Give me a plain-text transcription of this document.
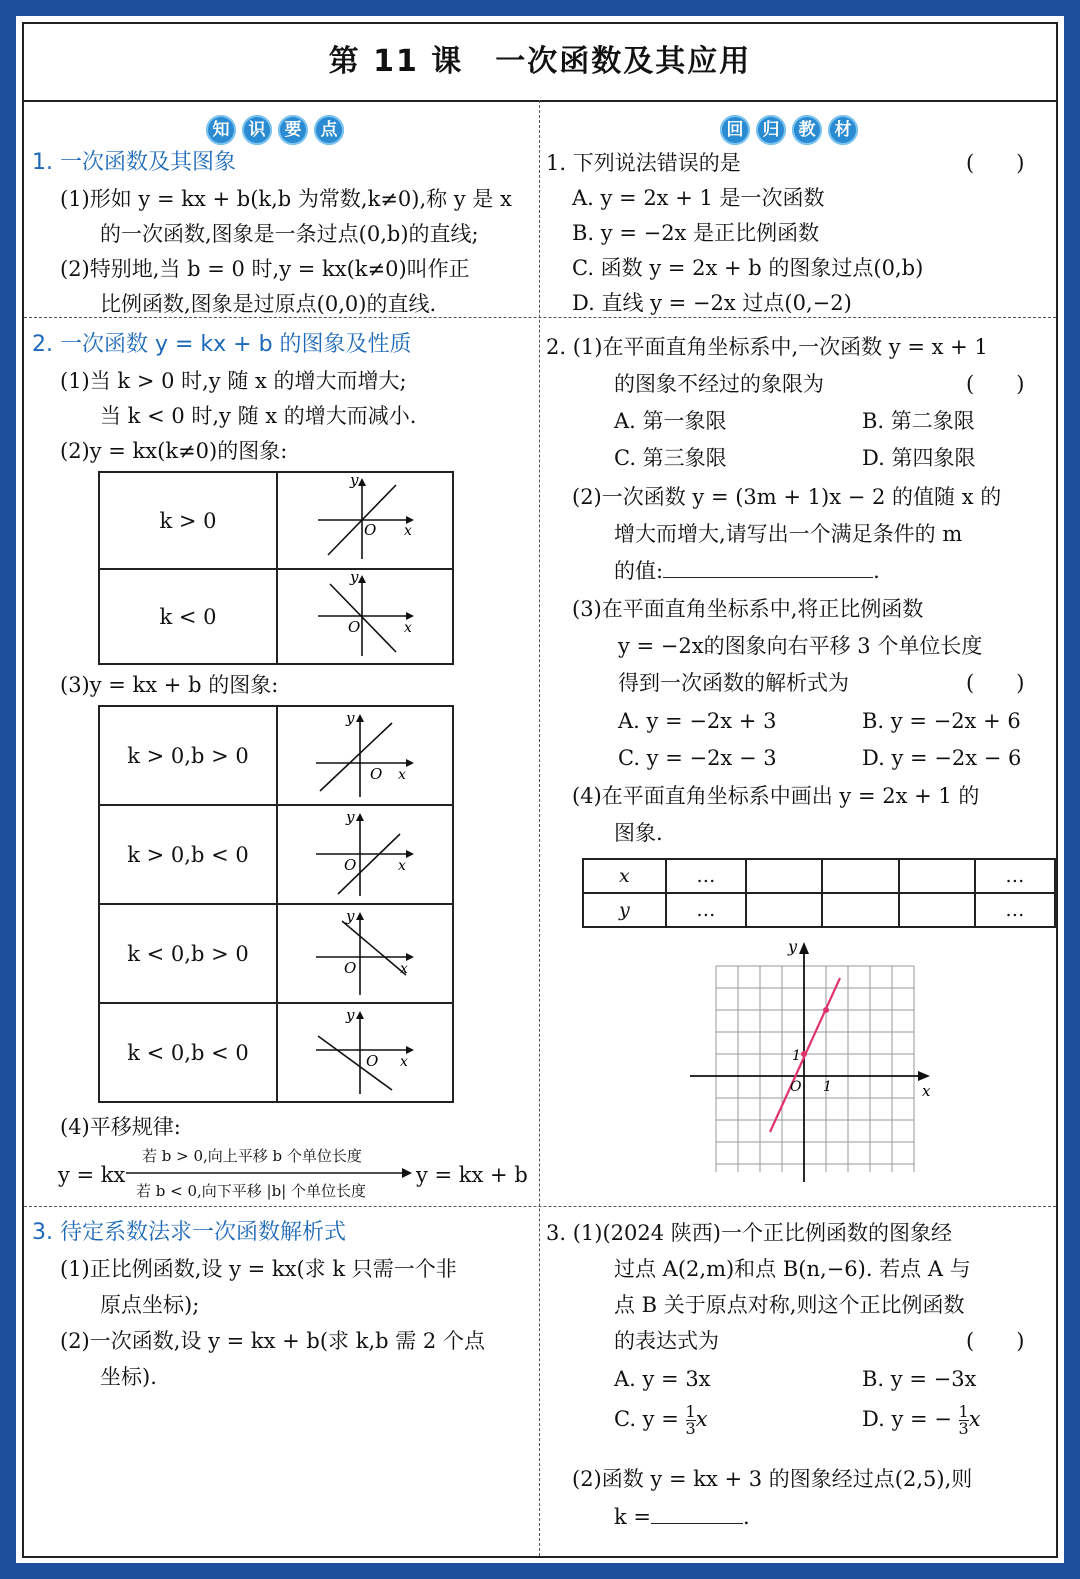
第 11 课　一次函数及其应用
知	识	要	点	回	归	教	材
1. 一次函数及其图象
(1)形如 y = kx + b(k,b 为常数,k≠0),称 y 是 x
的一次函数,图象是一条过点(0,b)的直线;
(2)特别地,当 b = 0 时,y = kx(k≠0)叫作正
比例函数,图象是过原点(0,0)的直线.
2. 一次函数 y = kx + b 的图象及性质
(1)当 k > 0 时,y 随 x 的增大而增大;
当 k < 0 时,y 随 x 的增大而减小.
(2)y = kx(k≠0)的图象:
k > 0	y
O x

k < 0	y
O x
(3)y = kx + b 的图象:
k > 0,b > 0	y
O x

k > 0,b < 0	y
O x

k < 0,b > 0	y
O x

k < 0,b < 0	y
O x
(4)平移规律:
y = kx
若 b > 0,向上平移 b 个单位长度
若 b < 0,向下平移 |b| 个单位长度
y = kx + b
3. 待定系数法求一次函数解析式
(1)正比例函数,设 y = kx(求 k 只需一个非
原点坐标);
(2)一次函数,设 y = kx + b(求 k,b 需 2 个点
坐标).
1. 下列说法错误的是	(　　)
A. y = 2x + 1 是一次函数
B. y = −2x 是正比例函数
C. 函数 y = 2x + b 的图象过点(0,b)
D. 直线 y = −2x 过点(0,−2)
2. (1)在平面直角坐标系中,一次函数 y = x + 1
的图象不经过的象限为	(　　)
A. 第一象限	B. 第二象限
C. 第三象限	D. 第四象限
(2)一次函数 y = (3m + 1)x − 2 的值随 x 的
增大而增大,请写出一个满足条件的 m
的值:	.
(3)在平面直角坐标系中,将正比例函数
y = −2x的图象向右平移 3 个单位长度
得到一次函数的解析式为	(　　)
A. y = −2x + 3	B. y = −2x + 6
C. y = −2x − 3	D. y = −2x − 6
(4)在平面直角坐标系中画出 y = 2x + 1 的
图象.
x	…				…
y	…				…
y
x
O 1
1
3. (1)(2024 陕西)一个正比例函数的图象经
过点 A(2,m)和点 B(n,−6). 若点 A 与
点 B 关于原点对称,则这个正比例函数
的表达式为	(　　)
A. y = 3x	B. y = −3x
C. $y = \frac{1}{3}$ x	D. y = − $\frac{1}{3}$ x
(2)函数 y = kx + 3 的图象经过点(2,5),则
k =	.
